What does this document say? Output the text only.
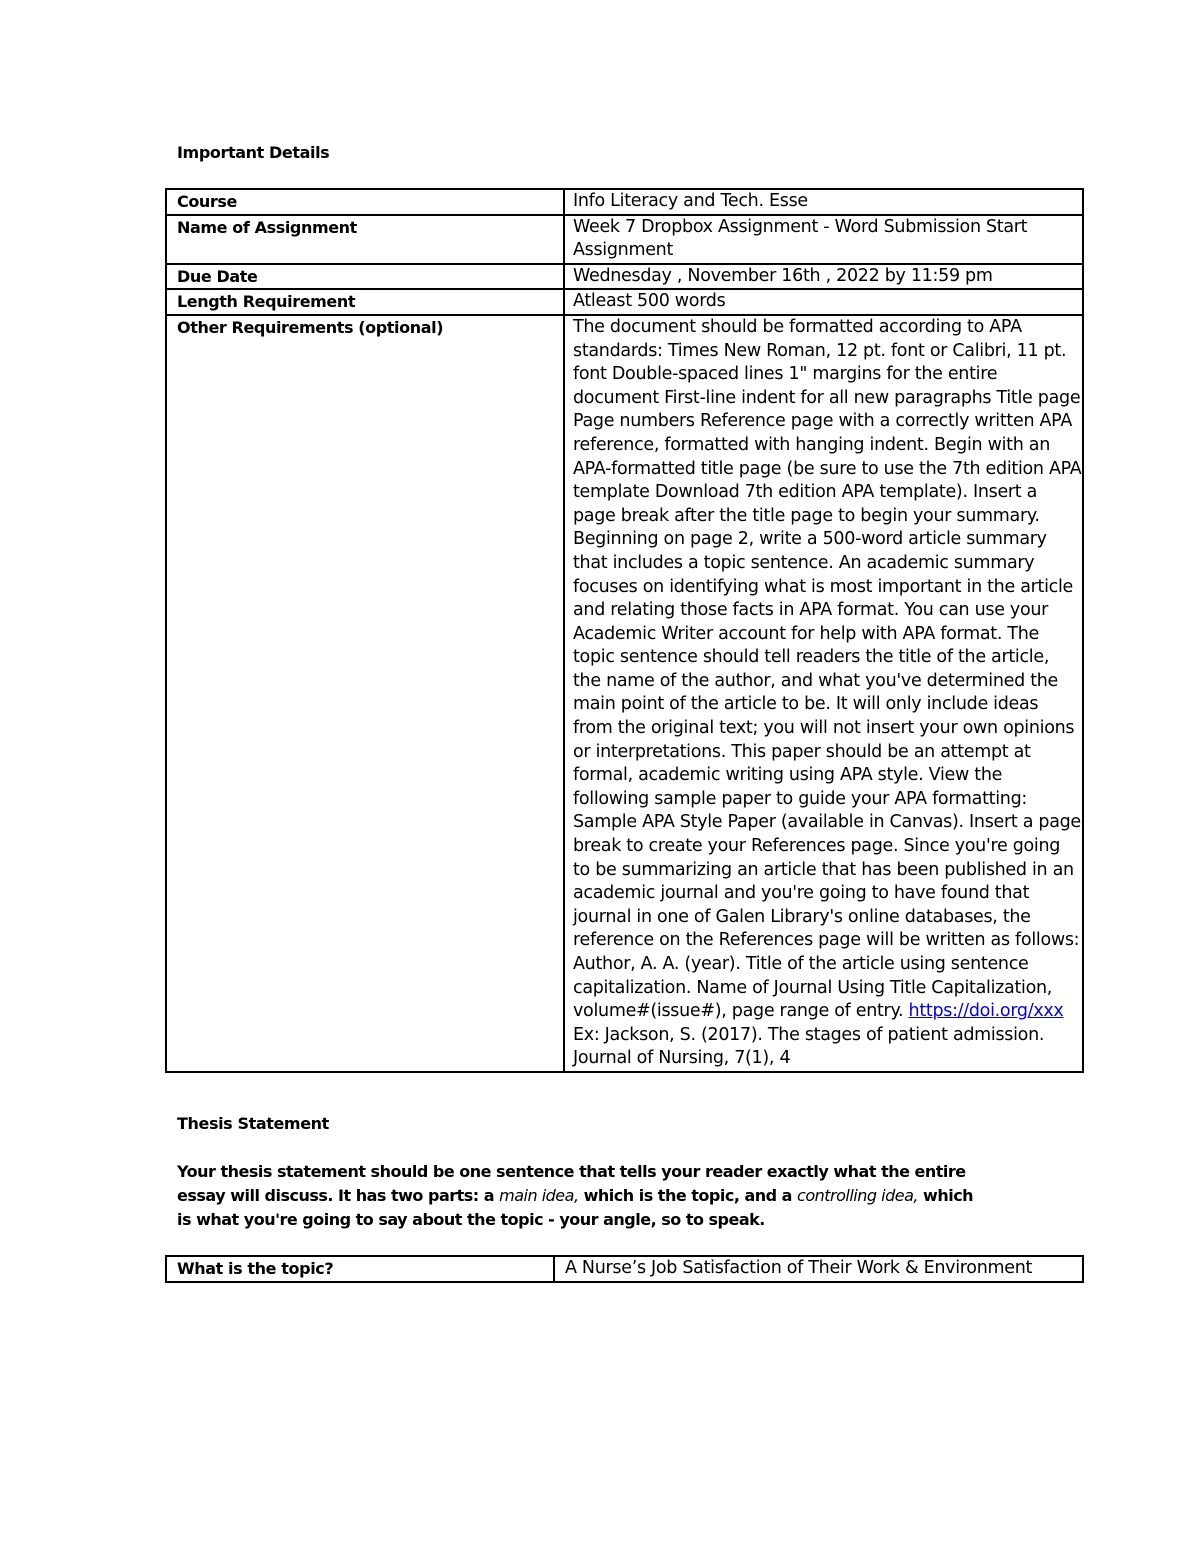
Important Details
Course	Info Literacy and Tech. Esse
Name of Assignment	Week 7 Dropbox Assignment - Word Submission Start Assignment
Due Date	Wednesday , November 16th , 2022 by 11:59 pm
Length Requirement	Atleast 500 words
Other Requirements (optional)	The document should be formatted according to APA standards: Times New Roman, 12 pt. font or Calibri, 11 pt. font Double-spaced lines 1" margins for the entire document First-line indent for all new paragraphs Title page Page numbers Reference page with a correctly written APA reference, formatted with hanging indent. Begin with an APA-formatted title page (be sure to use the 7th edition APA template Download 7th edition APA template). Insert a page break after the title page to begin your summary. Beginning on page 2, write a 500-word article summary that includes a topic sentence. An academic summary focuses on identifying what is most important in the article and relating those facts in APA format. You can use your Academic Writer account for help with APA format. The topic sentence should tell readers the title of the article, the name of the author, and what you've determined the main point of the article to be. It will only include ideas from the original text; you will not insert your own opinions or interpretations. This paper should be an attempt at formal, academic writing using APA style. View the following sample paper to guide your APA formatting: Sample APA Style Paper (available in Canvas). Insert a page break to create your References page. Since you're going to be summarizing an article that has been published in an academic journal and you're going to have found that journal in one of Galen Library's online databases, the reference on the References page will be written as follows: Author, A. A. (year). Title of the article using sentence capitalization. Name of Journal Using Title Capitalization, volume#(issue#), page range of entry. https://doi.org/xxx Ex: Jackson, S. (2017). The stages of patient admission. Journal of Nursing, 7(1), 4
Thesis Statement

Your thesis statement should be one sentence that tells your reader exactly what the entire
essay will discuss. It has two parts: a main idea, which is the topic, and a controlling idea, which
is what you're going to say about the topic - your angle, so to speak.

What is the topic?	A Nurse’s Job Satisfaction of Their Work & Environment
